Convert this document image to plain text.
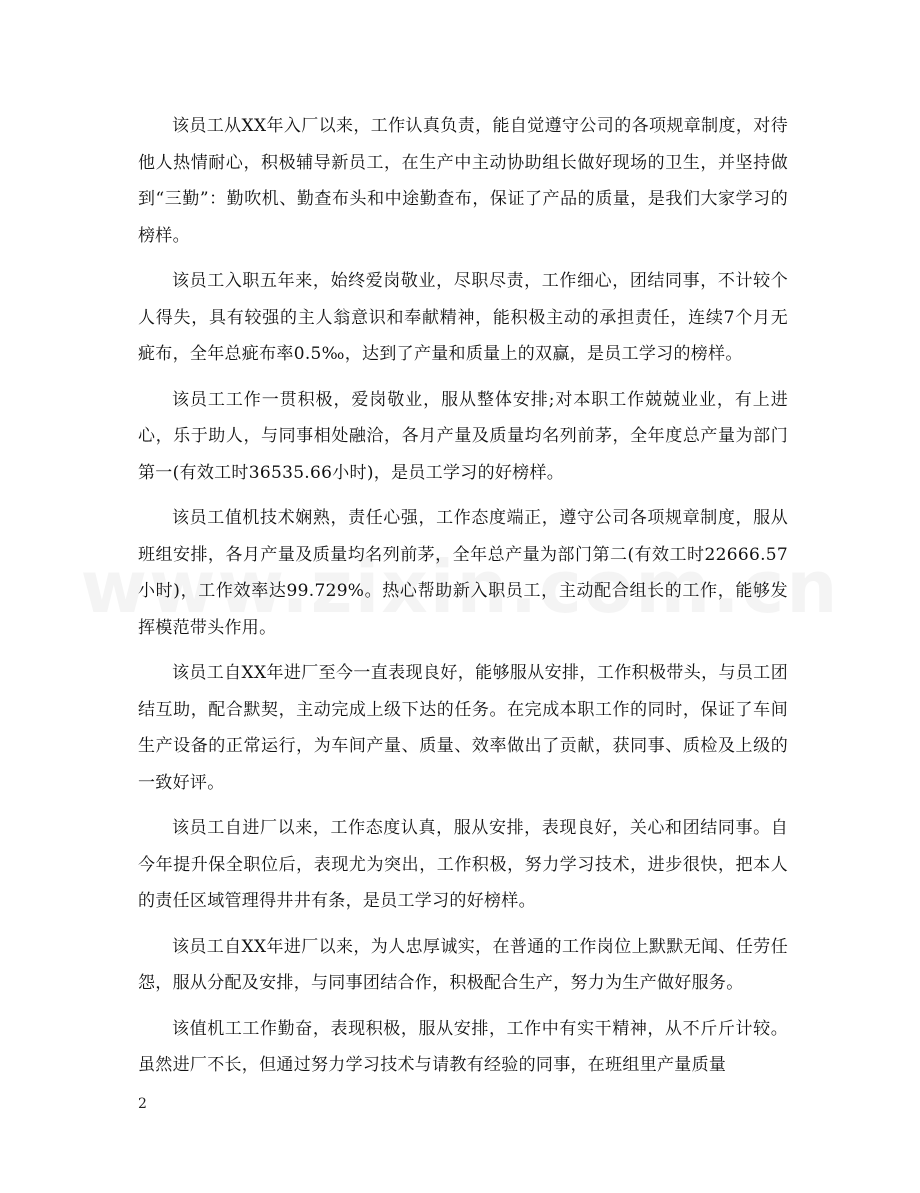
该员工从XX年入厂以来，工作认真负责，能自觉遵守公司的各项规章制度，对待他人热情耐心，积极辅导新员工，在生产中主动协助组长做好现场的卫生，并坚持做到“三勤”：勤吹机、勤查布头和中途勤查布，保证了产品的质量，是我们大家学习的榜样。

该员工入职五年来，始终爱岗敬业，尽职尽责，工作细心，团结同事，不计较个人得失，具有较强的主人翁意识和奉献精神，能积极主动的承担责任，连续7个月无疵布，全年总疵布率0.5‰，达到了产量和质量上的双赢，是员工学习的榜样。

该员工工作一贯积极，爱岗敬业，服从整体安排;对本职工作兢兢业业，有上进心，乐于助人，与同事相处融洽，各月产量及质量均名列前茅，全年度总产量为部门第一(有效工时36535.66小时)，是员工学习的好榜样。

该员工值机技术娴熟，责任心强，工作态度端正，遵守公司各项规章制度，服从班组安排，各月产量及质量均名列前茅，全年总产量为部门第二(有效工时22666.57小时)，工作效率达99.729%。热心帮助新入职员工，主动配合组长的工作，能够发挥模范带头作用。

该员工自XX年进厂至今一直表现良好，能够服从安排，工作积极带头，与员工团结互助，配合默契，主动完成上级下达的任务。在完成本职工作的同时，保证了车间生产设备的正常运行，为车间产量、质量、效率做出了贡献，获同事、质检及上级的一致好评。

该员工自进厂以来，工作态度认真，服从安排，表现良好，关心和团结同事。自今年提升保全职位后，表现尤为突出，工作积极，努力学习技术，进步很快，把本人的责任区域管理得井井有条，是员工学习的好榜样。

该员工自XX年进厂以来，为人忠厚诚实，在普通的工作岗位上默默无闻、任劳任怨，服从分配及安排，与同事团结合作，积极配合生产，努力为生产做好服务。

该值机工工作勤奋，表现积极，服从安排，工作中有实干精神，从不斤斤计较。虽然进厂不长，但通过努力学习技术与请教有经验的同事，在班组里产量质量

2
